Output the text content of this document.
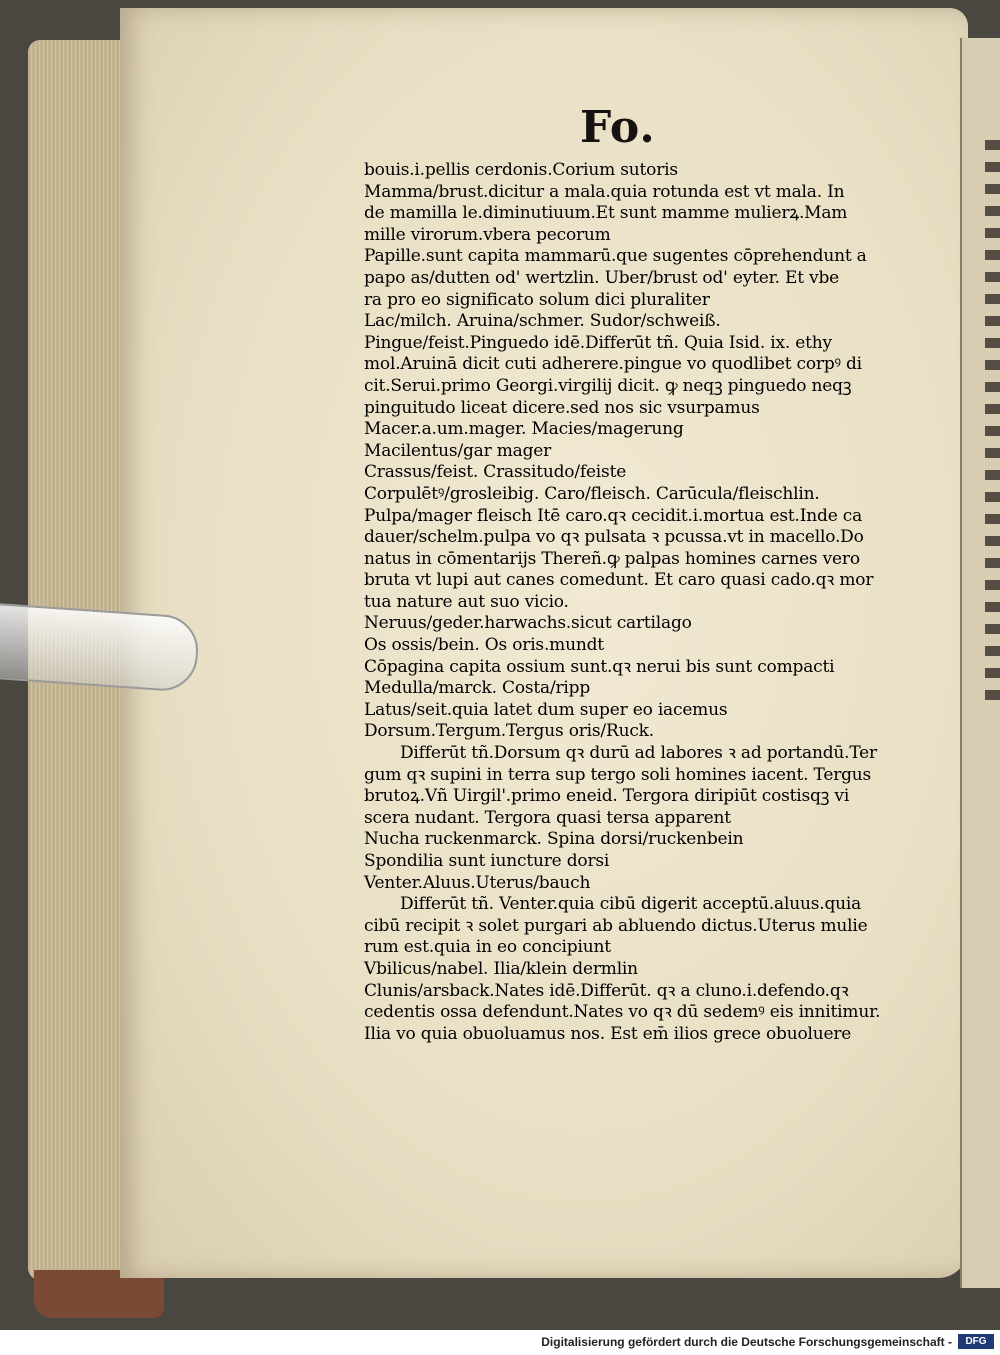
Fo.
bouis.i.pellis cerdonis.Corium sutoris
Mamma/brust.dicitur a mala.quia rotunda est vt mala. In
de mamilla le.diminutiuum.Et sunt mamme mulierꝝ.Mam
mille virorum.vbera pecorum
Papille.sunt capita mammarū.que sugentes cōprehendunt a
papo as/dutten od' wertzlin. Uber/brust od' eyter. Et vbe
ra pro eo significato solum dici pluraliter
Lac/milch. Aruina/schmer. Sudor/schweiß.
Pingue/feist.Pinguedo idē.Differūt tñ. Quia Isid. ix. ethy
mol.Aruinā dicit cuti adherere.pingue vo quodlibet corpꝰ di
cit.Serui.primo Georgi.virgilij dicit. ꝙ neqꝫ pinguedo neqꝫ
pinguitudo liceat dicere.sed nos sic vsurpamus
Macer.a.um.mager. Macies/magerung
Macilentus/gar mager
Crassus/feist. Crassitudo/feiste
Corpulētꝰ/grosleibig. Caro/fleisch. Carūcula/fleischlin.
Pulpa/mager fleisch Itē caro.qꝛ cecidit.i.mortua est.Inde ca
dauer/schelm.pulpa vo qꝛ pulsata ꝛ pcussa.vt in macello.Do
natus in cōmentarijs Thereñ.ꝙ palpas homines carnes vero
bruta vt lupi aut canes comedunt. Et caro quasi cado.qꝛ mor
tua nature aut suo vicio.
Neruus/geder.harwachs.sicut cartilago
Os ossis/bein. Os oris.mundt
Cōpagina capita ossium sunt.qꝛ nerui bis sunt compacti
Medulla/marck. Costa/ripp
Latus/seit.quia latet dum super eo iacemus
Dorsum.Tergum.Tergus oris/Ruck.
Differūt tñ.Dorsum qꝛ durū ad labores ꝛ ad portandū.Ter
gum qꝛ supini in terra sup tergo soli homines iacent. Tergus
brutoꝝ.Vñ Uirgil'.primo eneid. Tergora diripiūt costisqꝫ vi
scera nudant. Tergora quasi tersa apparent
Nucha ruckenmarck. Spina dorsi/ruckenbein
Spondilia sunt iuncture dorsi
Venter.Aluus.Uterus/bauch
Differūt tñ. Venter.quia cibū digerit acceptū.aluus.quia
cibū recipit ꝛ solet purgari ab abluendo dictus.Uterus mulie
rum est.quia in eo concipiunt
Vbilicus/nabel. Ilia/klein dermlin
Clunis/arsback.Nates idē.Differūt. qꝛ a cluno.i.defendo.qꝛ
cedentis ossa defendunt.Nates vo qꝛ dū sedemꝰ eis innitimur.
Ilia vo quia obuoluamus nos. Est em̄ ilios grece obuoluere
Digitalisierung gefördert durch die Deutsche Forschungsgemeinschaft -	DFG
